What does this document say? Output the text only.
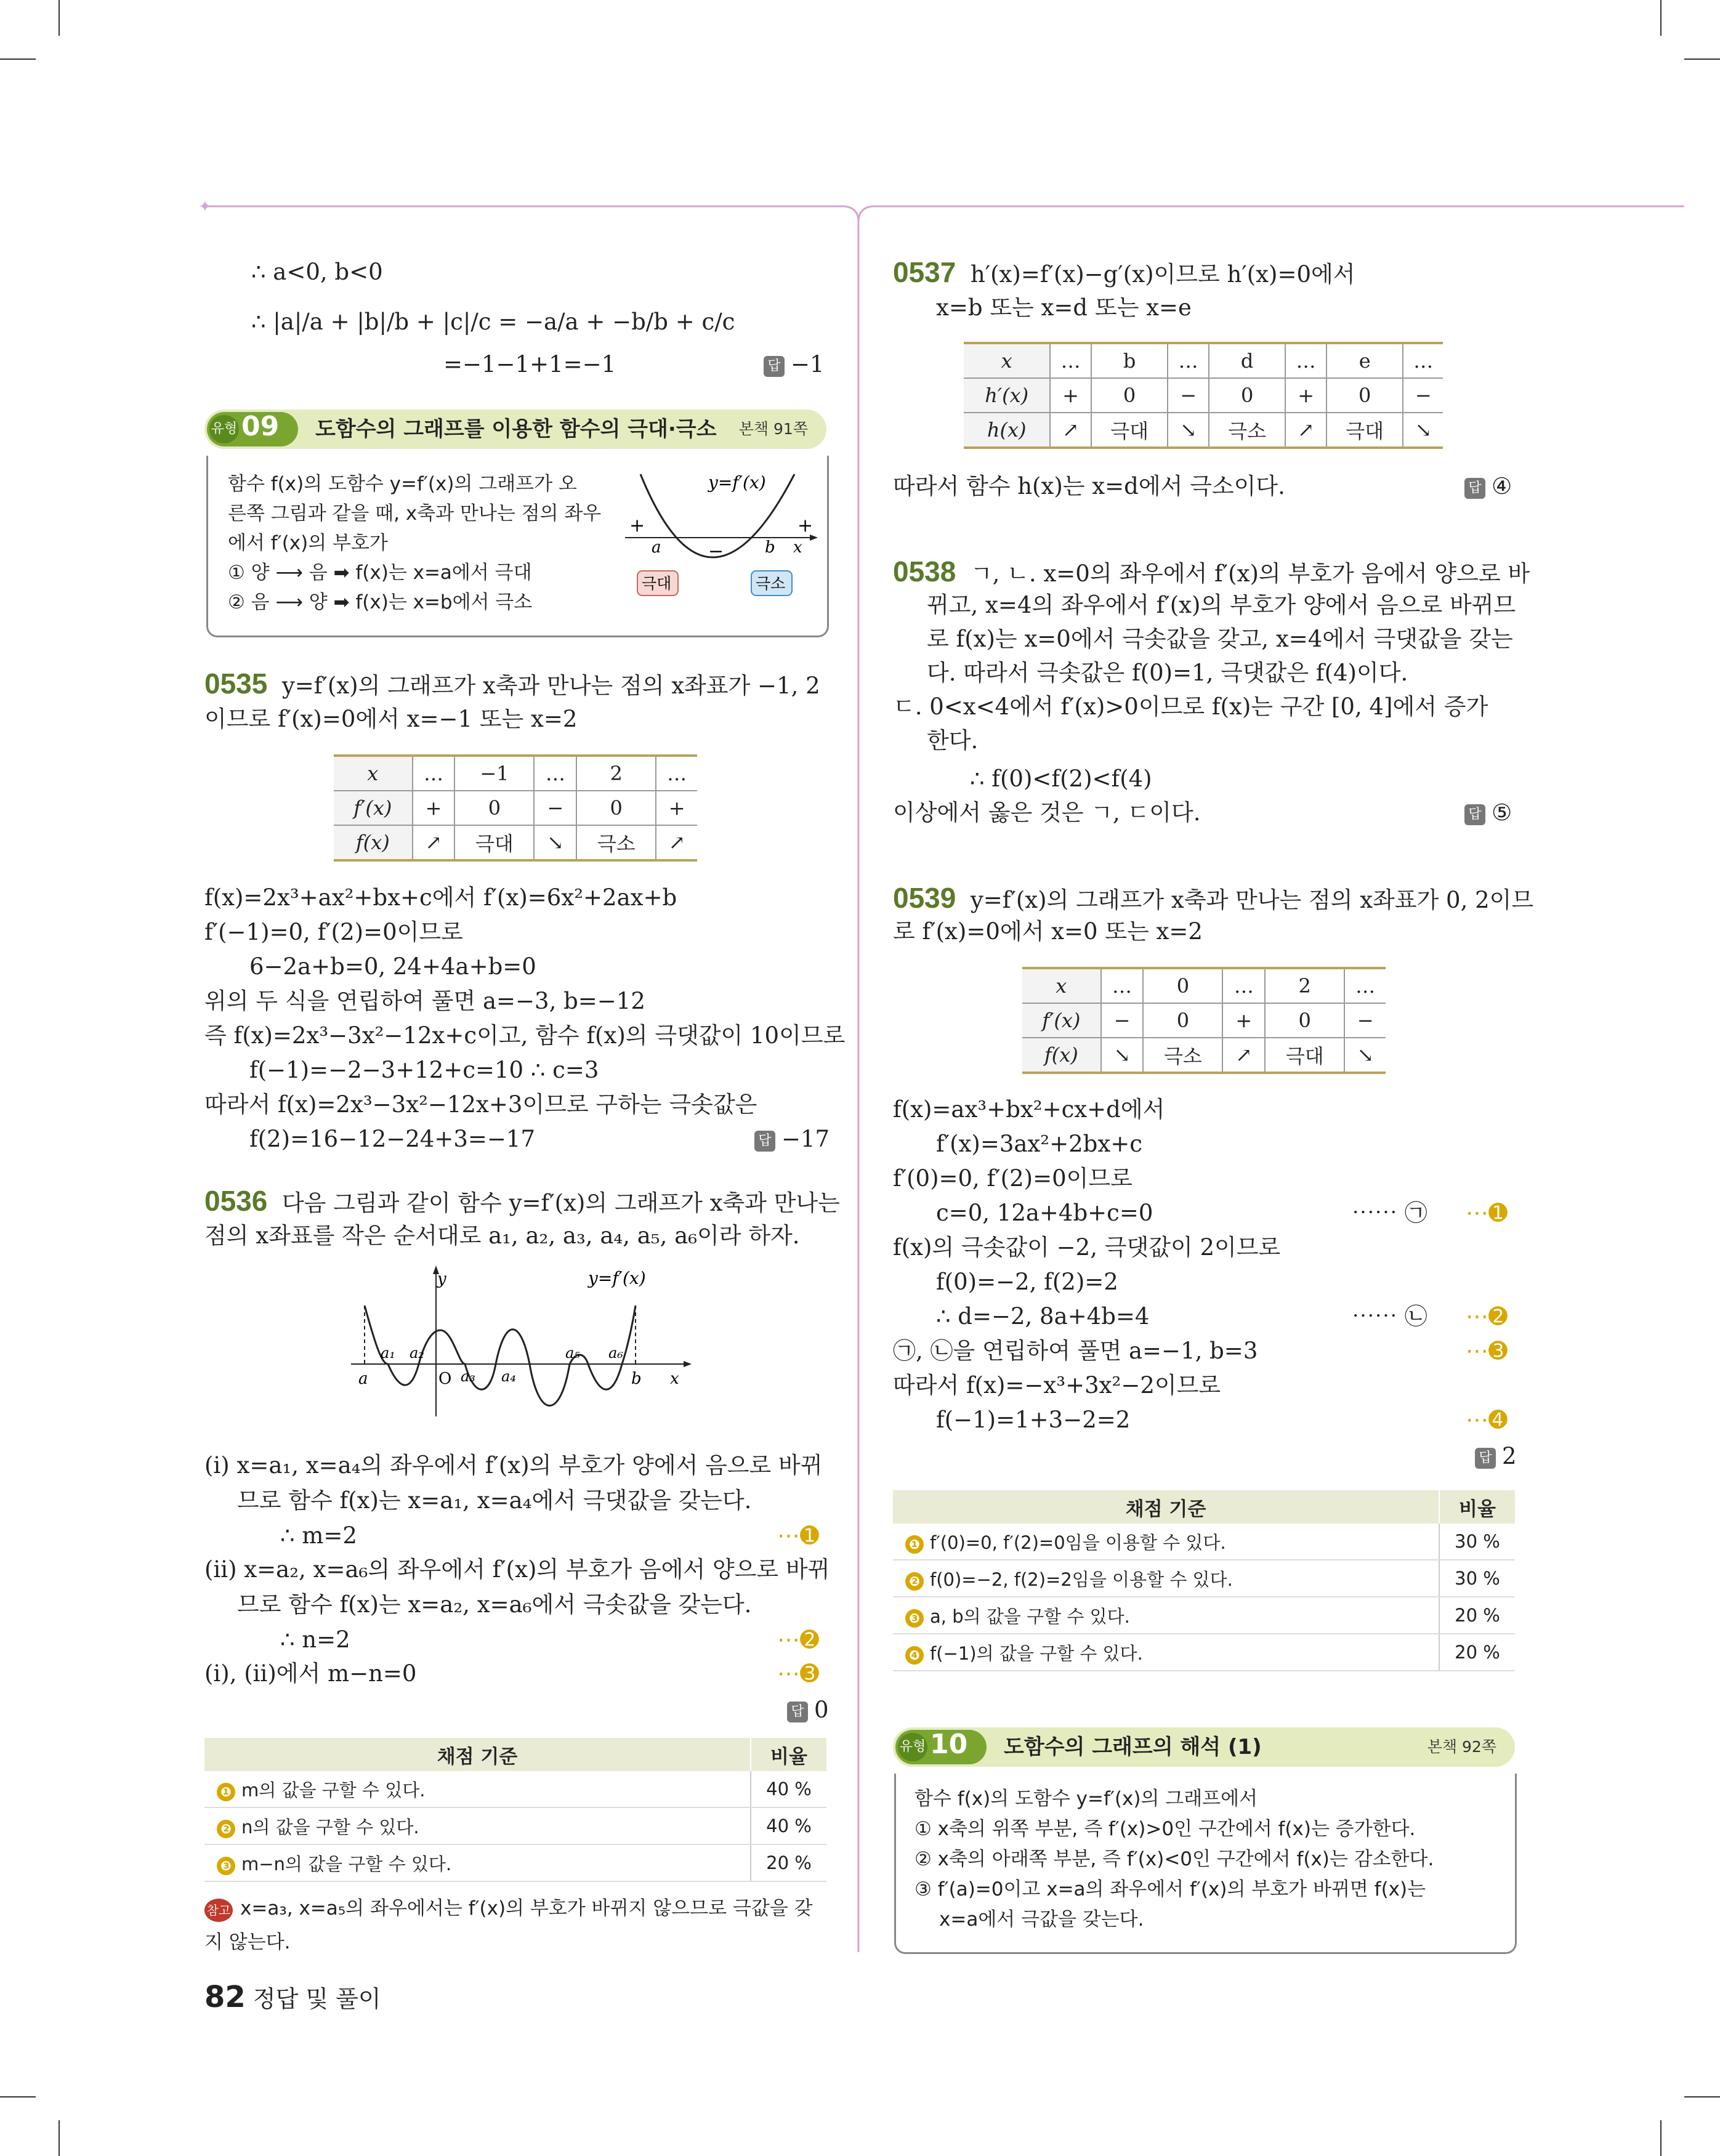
✦
∴ a<0, b<0
∴ |a|/a + |b|/b + |c|/c = −a/a + −b/b + c/c
=−1−1+1=−1	답 −1
유형 09 도함수의 그래프를 이용한 함수의 극대·극소 본책 91쪽
함수 f(x)의 도함수 y=f′(x)의 그래프가 오
른쪽 그림과 같을 때, x축과 만나는 점의 좌우
에서 f′(x)의 부호가
① 양 ⟶ 음 ➡ f(x)는 x=a에서 극대
② 음 ⟶ 양 ➡ f(x)는 x=b에서 극소
+
+
−
y=f′(x)
a	b x
극대	극소
0535 y=f′(x)의 그래프가 x축과 만나는 점의 x좌표가 −1, 2
이므로 f′(x)=0에서 x=−1 또는 x=2
x	…	−1	…	2	…
f′(x)	+	0	−	0	+
f(x)	↗	극대	↘	극소	↗
f(x)=2x³+ax²+bx+c에서 f′(x)=6x²+2ax+b
f′(−1)=0, f′(2)=0이므로
6−2a+b=0, 24+4a+b=0
위의 두 식을 연립하여 풀면 a=−3, b=−12
즉 f(x)=2x³−3x²−12x+c이고, 함수 f(x)의 극댓값이 10이므로
f(−1)=−2−3+12+c=10 ∴ c=3
따라서 f(x)=2x³−3x²−12x+3이므로 구하는 극솟값은
f(2)=16−12−24+3=−17	답 −17
0536 다음 그림과 같이 함수 y=f′(x)의 그래프가 x축과 만나는
점의 x좌표를 작은 순서대로 a₁, a₂, a₃, a₄, a₅, a₆이라 하자.
y
x
y=f′(x)
O
a	b
a₁ a₂
a₃ a₄
a₅ a₆
(ⅰ) x=a₁, x=a₄의 좌우에서 f′(x)의 부호가 양에서 음으로 바뀌
므로 함수 f(x)는 x=a₁, x=a₄에서 극댓값을 갖는다.
∴ m=2	⋯➊
(ⅱ) x=a₂, x=a₆의 좌우에서 f′(x)의 부호가 음에서 양으로 바뀌
므로 함수 f(x)는 x=a₂, x=a₆에서 극솟값을 갖는다.
∴ n=2	⋯➋
(ⅰ), (ⅱ)에서 m−n=0	⋯➌
답 0
채점 기준	비율
❶ m의 값을 구할 수 있다.	40 %
❷ n의 값을 구할 수 있다.	40 %
❸ m−n의 값을 구할 수 있다.	20 %
참고 x=a₃, x=a₅의 좌우에서는 f′(x)의 부호가 바뀌지 않으므로 극값을 갖
지 않는다.
82 정답 및 풀이
0537 h′(x)=f′(x)−g′(x)이므로 h′(x)=0에서
x=b 또는 x=d 또는 x=e
x	…	b	…	d	…	e	…
h′(x)	+	0	−	0	+	0	−
h(x)	↗	극대	↘	극소	↗	극대	↘
따라서 함수 h(x)는 x=d에서 극소이다.	답 ④
0538 ㄱ, ㄴ. x=0의 좌우에서 f′(x)의 부호가 음에서 양으로 바
뀌고, x=4의 좌우에서 f′(x)의 부호가 양에서 음으로 바뀌므
로 f(x)는 x=0에서 극솟값을 갖고, x=4에서 극댓값을 갖는
다. 따라서 극솟값은 f(0)=1, 극댓값은 f(4)이다.
ㄷ. 0<x<4에서 f′(x)>0이므로 f(x)는 구간 [0, 4]에서 증가
한다.
∴ f(0)<f(2)<f(4)
이상에서 옳은 것은 ㄱ, ㄷ이다.	답 ⑤
0539 y=f′(x)의 그래프가 x축과 만나는 점의 x좌표가 0, 2이므
로 f′(x)=0에서 x=0 또는 x=2
x	…	0	…	2	…
f′(x)	−	0	+	0	−
f(x)	↘	극소	↗	극대	↘
f(x)=ax³+bx²+cx+d에서
f′(x)=3ax²+2bx+c
f′(0)=0, f′(2)=0이므로
c=0, 12a+4b+c=0	⋯⋯ ㉠ ⋯➊
f(x)의 극솟값이 −2, 극댓값이 2이므로
f(0)=−2, f(2)=2
∴ d=−2, 8a+4b=4	⋯⋯ ㉡ ⋯➋
㉠, ㉡을 연립하여 풀면 a=−1, b=3	⋯➌
따라서 f(x)=−x³+3x²−2이므로
f(−1)=1+3−2=2	⋯➍
답 2
채점 기준	비율
❶ f′(0)=0, f′(2)=0임을 이용할 수 있다.	30 %
❷ f(0)=−2, f(2)=2임을 이용할 수 있다.	30 %
❸ a, b의 값을 구할 수 있다.	20 %
❹ f(−1)의 값을 구할 수 있다.	20 %
유형 10 도함수의 그래프의 해석 (1)	본책 92쪽
함수 f(x)의 도함수 y=f′(x)의 그래프에서
① x축의 위쪽 부분, 즉 f′(x)>0인 구간에서 f(x)는 증가한다.
② x축의 아래쪽 부분, 즉 f′(x)<0인 구간에서 f(x)는 감소한다.
③ f′(a)=0이고 x=a의 좌우에서 f′(x)의 부호가 바뀌면 f(x)는
x=a에서 극값을 갖는다.
